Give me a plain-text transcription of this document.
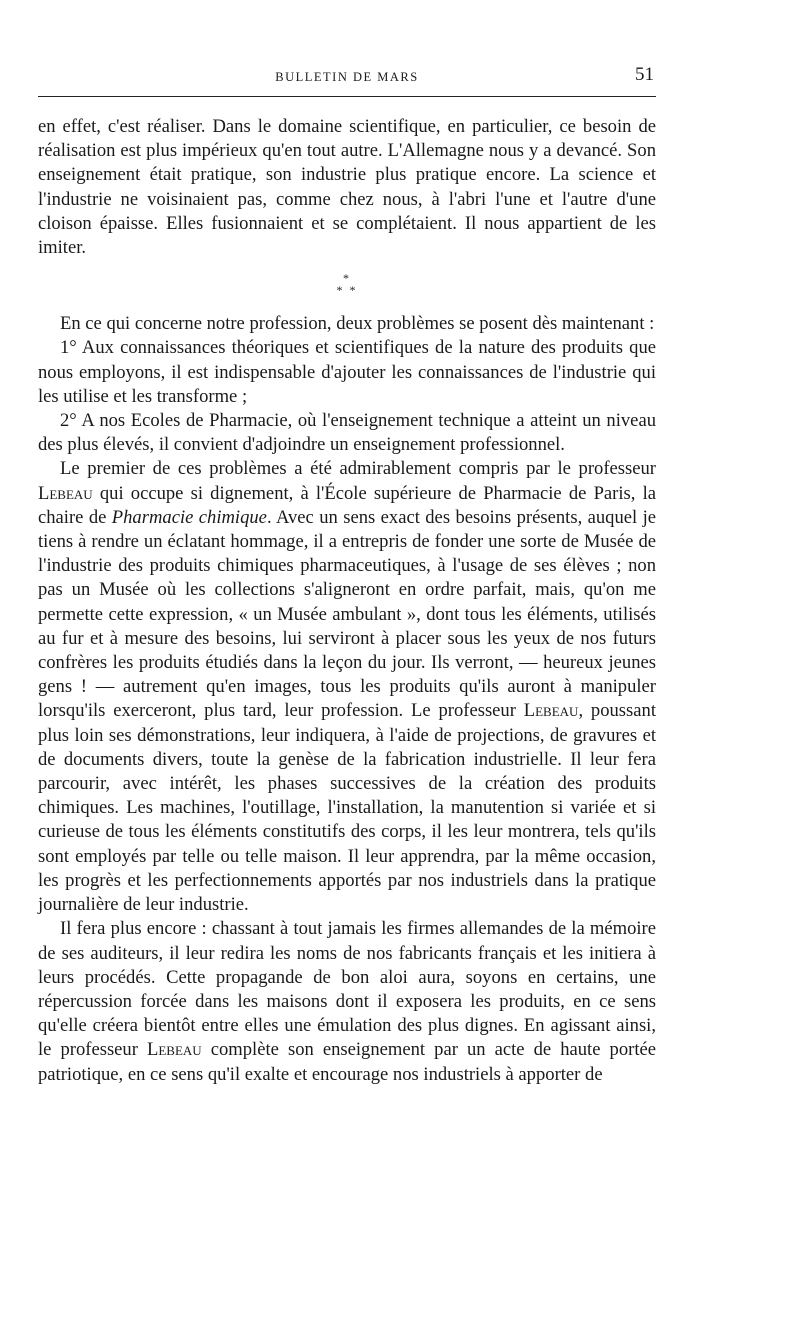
BULLETIN DE MARS	51

en effet, c'est réaliser. Dans le domaine scientifique, en particulier, ce besoin de réalisation est plus impérieux qu'en tout autre. L'Allemagne nous y a devancé. Son enseignement était pratique, son industrie plus pratique encore. La science et l'industrie ne voisinaient pas, comme chez nous, à l'abri l'une et l'autre d'une cloison épaisse. Elles fusionnaient et se complétaient. Il nous appartient de les imiter.

*
* *

En ce qui concerne notre profession, deux problèmes se posent dès maintenant :

1° Aux connaissances théoriques et scientifiques de la nature des produits que nous employons, il est indispensable d'ajouter les connaissances de l'industrie qui les utilise et les transforme ;

2° A nos Ecoles de Pharmacie, où l'enseignement technique a atteint un niveau des plus élevés, il convient d'adjoindre un enseignement professionnel.

Le premier de ces problèmes a été admirablement compris par le professeur Lebeau qui occupe si dignement, à l'École supérieure de Pharmacie de Paris, la chaire de Pharmacie chimique. Avec un sens exact des besoins présents, auquel je tiens à rendre un éclatant hommage, il a entrepris de fonder une sorte de Musée de l'industrie des produits chimiques pharmaceutiques, à l'usage de ses élèves ; non pas un Musée où les collections s'aligneront en ordre parfait, mais, qu'on me permette cette expression, « un Musée ambulant », dont tous les éléments, utilisés au fur et à mesure des besoins, lui serviront à placer sous les yeux de nos futurs confrères les produits étudiés dans la leçon du jour. Ils verront, — heureux jeunes gens ! — autrement qu'en images, tous les produits qu'ils auront à manipuler lorsqu'ils exerceront, plus tard, leur profession. Le professeur Lebeau, poussant plus loin ses démonstrations, leur indiquera, à l'aide de projections, de gravures et de documents divers, toute la genèse de la fabrication industrielle. Il leur fera parcourir, avec intérêt, les phases successives de la création des produits chimiques. Les machines, l'outillage, l'installation, la manutention si variée et si curieuse de tous les éléments constitutifs des corps, il les leur montrera, tels qu'ils sont employés par telle ou telle maison. Il leur apprendra, par la même occasion, les progrès et les perfectionnements apportés par nos industriels dans la pratique journalière de leur industrie.

Il fera plus encore : chassant à tout jamais les firmes allemandes de la mémoire de ses auditeurs, il leur redira les noms de nos fabricants français et les initiera à leurs procédés. Cette propagande de bon aloi aura, soyons en certains, une répercussion forcée dans les maisons dont il exposera les produits, en ce sens qu'elle créera bientôt entre elles une émulation des plus dignes. En agissant ainsi, le professeur Lebeau complète son enseignement par un acte de haute portée patriotique, en ce sens qu'il exalte et encourage nos industriels à apporter de
